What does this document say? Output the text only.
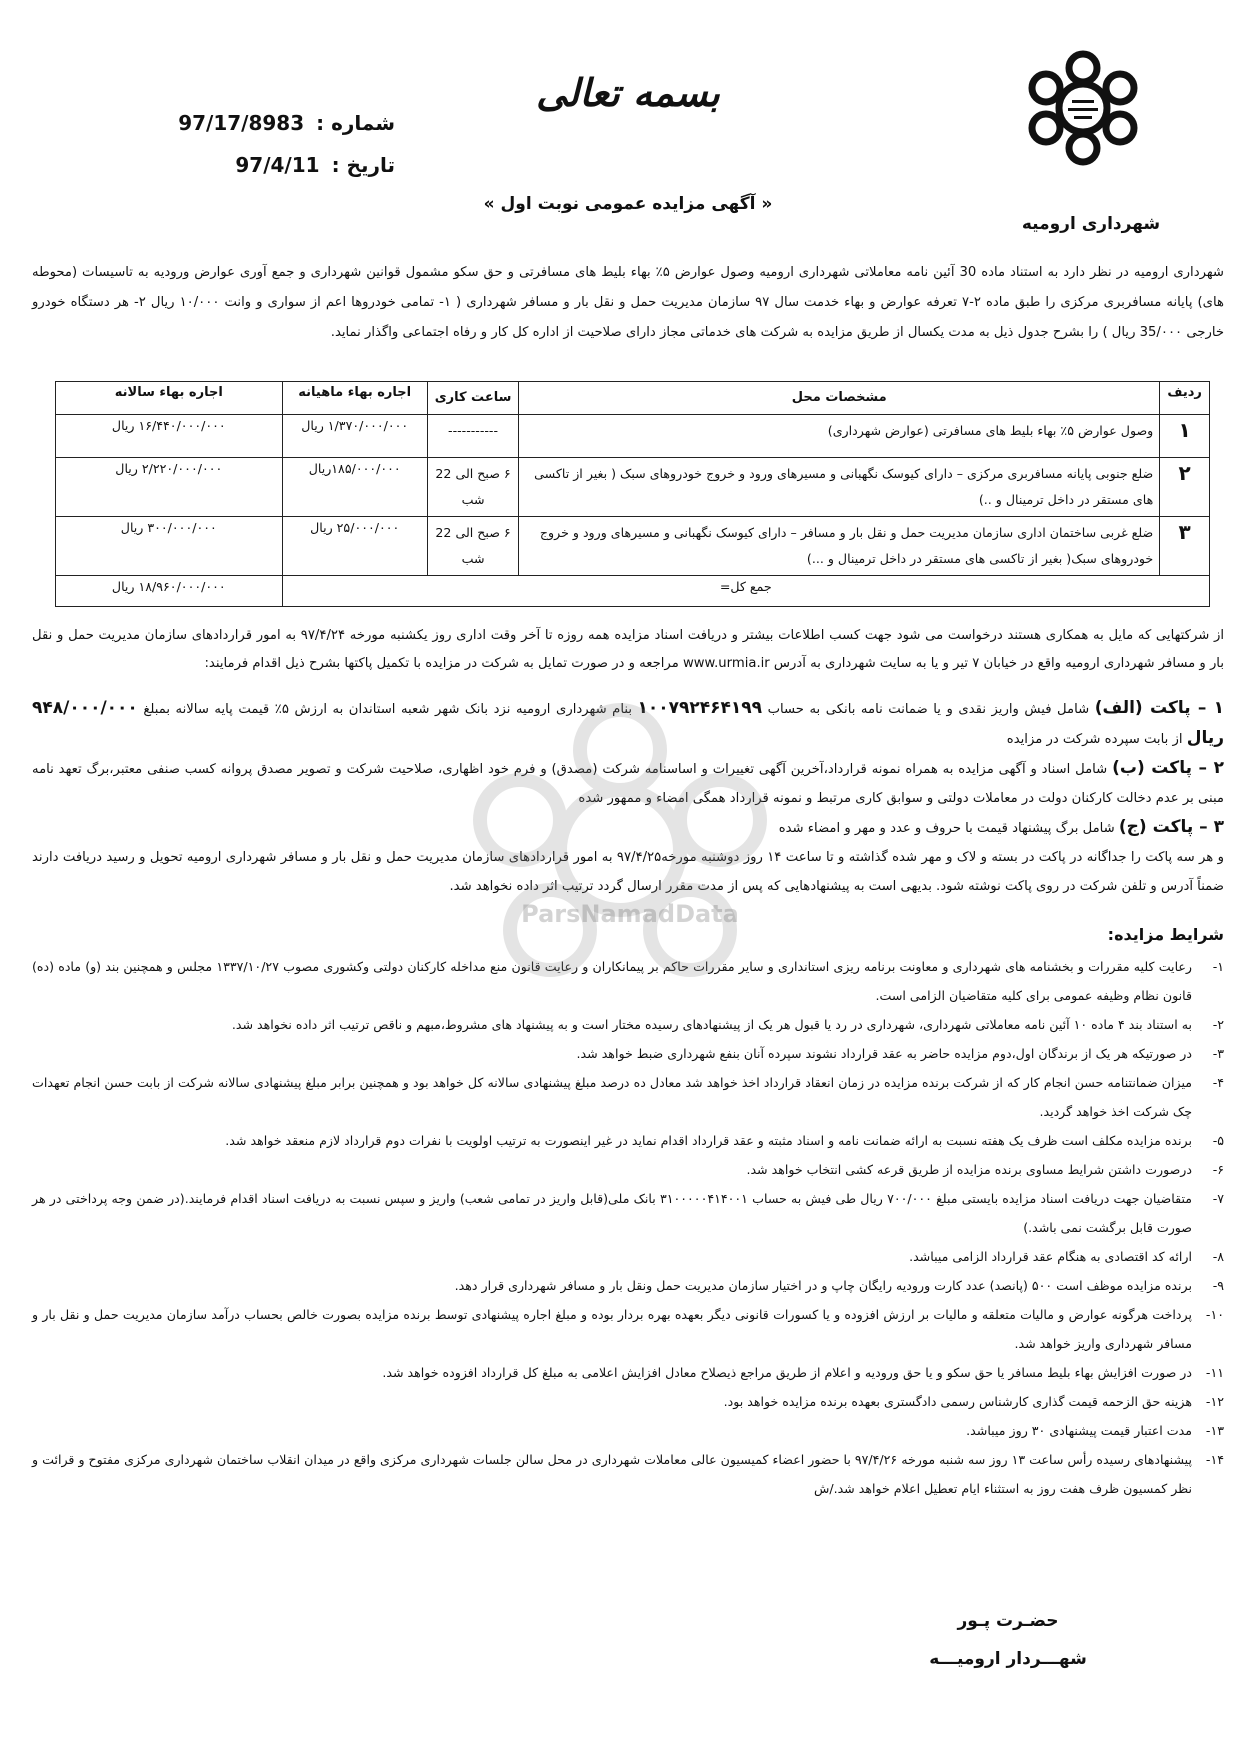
بسمه تعالی
شهرداری ارومیه
شماره :
97/17/8983
تاریخ :
97/4/11
« آگهی مزایده عمومی نوبت اول »
شهرداری ارومیه در نظر دارد به استناد ماده 30 آئین نامه معاملاتی شهرداری ارومیه وصول عوارض ۵٪ بهاء بلیط های مسافرتی و حق سکو مشمول قوانین شهرداری و جمع آوری عوارض ورودیه به تاسیسات (محوطه های) پایانه مسافربری مرکزی را طبق ماده ۲-۷ تعرفه عوارض و بهاء خدمت سال ۹۷ سازمان مدیریت حمل و نقل بار و مسافر شهرداری ( ۱- تمامی خودروها اعم از سواری و وانت ۱۰/۰۰۰ ریال ۲- هر دستگاه خودرو خارجی 35/۰۰۰ ریال ) را بشرح جدول ذیل به مدت یکسال از طریق مزایده به شرکت های خدماتی مجاز دارای صلاحیت از اداره کل کار و رفاه اجتماعی واگذار نماید.
ردیف	مشخصات محل	ساعت کاری	اجاره بهاء ماهیانه	اجاره بهاء سالانه
۱	وصول عوارض ۵٪ بهاء بلیط های مسافرتی (عوارض شهرداری)	-----------	۱/۳۷۰/۰۰۰/۰۰۰ ریال	۱۶/۴۴۰/۰۰۰/۰۰۰ ریال
۲	ضلع جنوبی پایانه مسافربری مرکزی – دارای کیوسک نگهبانی و مسیرهای ورود و خروج خودروهای سبک ( بغیر از تاکسی های مستقر در داخل ترمینال و ..)	۶ صبح الی 22 شب	۱۸۵/۰۰۰/۰۰۰ریال	۲/۲۲۰/۰۰۰/۰۰۰ ریال
۳	ضلع غربی ساختمان اداری سازمان مدیریت حمل و نقل بار و مسافر – دارای کیوسک نگهبانی و مسیرهای ورود و خروج خودروهای سبک( بغیر از تاکسی های مستقر در داخل ترمینال و ...)	۶ صبح الی 22 شب	۲۵/۰۰۰/۰۰۰ ریال	۳۰۰/۰۰۰/۰۰۰ ریال
جمع کل=				۱۸/۹۶۰/۰۰۰/۰۰۰ ریال
از شرکتهایی که مایل به همکاری هستند درخواست می شود جهت کسب اطلاعات بیشتر و دریافت اسناد مزایده همه روزه تا آخر وقت اداری روز یکشنبه مورخه ۹۷/۴/۲۴ به امور قراردادهای سازمان مدیریت حمل و نقل بار و مسافر شهرداری ارومیه واقع در خیابان ۷ تیر و یا به سایت شهرداری به آدرس www.urmia.ir مراجعه و در صورت تمایل به شرکت در مزایده با تکمیل پاکتها بشرح ذیل اقدام فرمایند:

۱ – پاکت (الف) شامل فیش واریز نقدی و یا ضمانت نامه بانکی به حساب ۱۰۰۷۹۲۴۶۴۱۹۹ بنام شهرداری ارومیه نزد بانک شهر شعبه استاندان به ارزش ۵٪ قیمت پایه سالانه بمبلغ ۹۴۸/۰۰۰/۰۰۰ ریال از بابت سپرده شرکت در مزایده

۲ – پاکت (ب) شامل اسناد و آگهی مزایده به همراه نمونه قرارداد،آخرین آگهی تغییرات و اساسنامه شرکت (مصدق) و فرم خود اظهاری، صلاحیت شرکت و تصویر مصدق پروانه کسب صنفی معتبر،برگ تعهد نامه مبنی بر عدم دخالت کارکنان دولت در معاملات دولتی و سوابق کاری مرتبط و نمونه قرارداد همگی امضاء و ممهور شده

۳ – پاکت (ج) شامل برگ پیشنهاد قیمت با حروف و عدد و مهر و امضاء شده

و هر سه پاکت را جداگانه در پاکت در بسته و لاک و مهر شده گذاشته و تا ساعت ۱۴ روز دوشنبه مورخه۹۷/۴/۲۵ به امور قراردادهای سازمان مدیریت حمل و نقل بار و مسافر شهرداری ارومیه تحویل و رسید دریافت دارند ضمناً آدرس و تلفن شرکت در روی پاکت نوشته شود. بدیهی است به پیشنهادهایی که پس از مدت مقرر ارسال گردد ترتیب اثر داده نخواهد شد.

شرایط مزایده:
۱-
رعایت کلیه مقررات و بخشنامه های شهرداری و معاونت برنامه ریزی استانداری و سایر مقررات حاکم بر پیمانکاران و رعایت قانون منع مداخله کارکنان دولتی وکشوری مصوب ۱۳۳۷/۱۰/۲۷ مجلس و همچنین بند (و) ماده (ده) قانون نظام وظیفه عمومی برای کلیه متقاضیان الزامی است.
۲-
به استناد بند ۴ ماده ۱۰ آئین نامه معاملاتی شهرداری، شهرداری در رد یا قبول هر یک از پیشنهادهای رسیده مختار است و به پیشنهاد های مشروط،مبهم و ناقص ترتیب اثر داده نخواهد شد.
۳-
در صورتیکه هر یک از برندگان اول،دوم مزایده حاضر به عقد قرارداد نشوند سپرده آنان بنفع شهرداری ضبط خواهد شد.
۴-
میزان ضمانتنامه حسن انجام کار که از شرکت برنده مزایده در زمان انعقاد قرارداد اخذ خواهد شد معادل ده درصد مبلغ پیشنهادی سالانه کل خواهد بود و همچنین برابر مبلغ پیشنهادی سالانه شرکت از بابت حسن انجام تعهدات چک شرکت اخذ خواهد گردید.
۵-
برنده مزایده مکلف است ظرف یک هفته نسبت به ارائه ضمانت نامه و اسناد مثبته و عقد قرارداد اقدام نماید در غیر اینصورت به ترتیب اولویت با نفرات دوم قرارداد لازم منعقد خواهد شد.
۶-
درصورت داشتن شرایط مساوی برنده مزایده از طریق قرعه کشی انتخاب خواهد شد.
۷-
متقاضیان جهت دریافت اسناد مزایده بایستی مبلغ ۷۰۰/۰۰۰ ریال طی فیش به حساب ۳۱۰۰۰۰۰۴۱۴۰۰۱ بانک ملی(قابل واریز در تمامی شعب) واریز و سپس نسبت به دریافت اسناد اقدام فرمایند.(در ضمن وجه پرداختی در هر صورت قابل برگشت نمی باشد.)
۸-
ارائه کد اقتصادی به هنگام عقد قرارداد الزامی میباشد.
۹-
برنده مزایده موظف است ۵۰۰ (پانصد) عدد کارت ورودیه رایگان چاپ و در اختیار سازمان مدیریت حمل ونقل بار و مسافر شهرداری قرار دهد.
۱۰-
پرداخت هرگونه عوارض و مالیات متعلقه و مالیات بر ارزش افزوده و یا کسورات قانونی دیگر بعهده بهره بردار بوده و مبلغ اجاره پیشنهادی توسط برنده مزایده بصورت خالص بحساب درآمد سازمان مدیریت حمل و نقل بار و مسافر شهرداری واریز خواهد شد.
۱۱-
در صورت افزایش بهاء بلیط مسافر یا حق سکو و یا حق ورودیه و اعلام از طریق مراجع ذیصلاح معادل افزایش اعلامی به مبلغ کل قرارداد افزوده خواهد شد.
۱۲-
هزینه حق الزحمه قیمت گذاری کارشناس رسمی دادگستری بعهده برنده مزایده خواهد بود.
۱۳-
مدت اعتبار قیمت پیشنهادی ۳۰ روز میباشد.
۱۴-
پیشنهادهای رسیده رأس ساعت ۱۳ روز سه شنبه مورخه ۹۷/۴/۲۶ با حضور اعضاء کمیسیون عالی معاملات شهرداری در محل سالن جلسات شهرداری مرکزی واقع در میدان انقلاب ساختمان شهرداری مرکزی مفتوح و قرائت و نظر کمسیون ظرف هفت روز به استثناء ایام تعطیل اعلام خواهد شد./ش
حضـرت پـور
شهـــردار ارومیـــه
ParsNamadData
